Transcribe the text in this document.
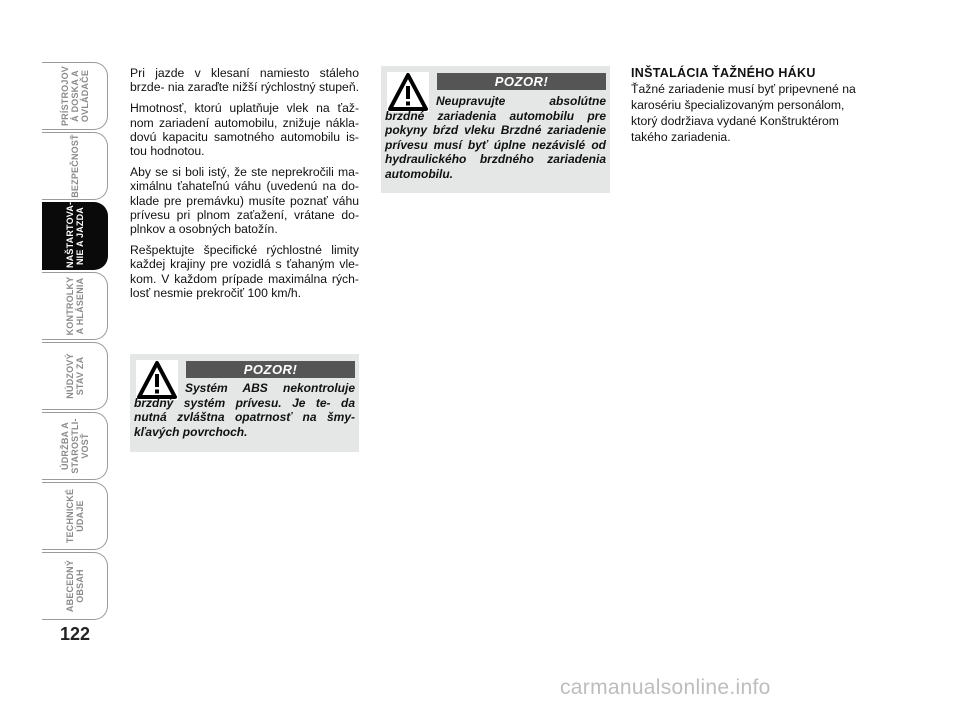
PRÍSTROJOV
Á DOSKA A
OVLÁDAČE
BEZPEČNOSŤ
NAŠTARTOVA-
NIE A JAZDA
KONTROLKY
A HLÁSENIA
NÚDZOVÝ
STAV ZA
ÚDRŽBA A
STAROSTLI-
VOSŤ
TECHNICKÉ
ÚDAJE
ABECEDNÝ
OBSAH
122

Pri jazde v klesaní namiesto stáleho brzde- nia zaraďte nižší rýchlostný stupeň.

Hmotnosť, ktorú uplatňuje vlek na ťaž- nom zariadení automobilu, znižuje nákla- dovú kapacitu samotného automobilu is- tou hodnotou.

Aby se si boli istý, že ste neprekročili ma- ximálnu ťahateľnú váhu (uvedenú na do- klade pre premávku) musíte poznať váhu prívesu pri plnom zaťažení, vrátane do- plnkov a osobných batožín.

Rešpektujte špecifické rýchlostné limity každej krajiny pre vozidlá s ťahaným vle- kom. V každom prípade maximálna rých- losť nesmie prekročiť 100 km/h.

POZOR!
Systém ABS nekontroluje brzdný systém prívesu. Je te- da nutná zvláštna opatrnosť na šmy- kľavých povrchoch.
POZOR!
Neupravujte absolútne brzdné zariadenia automobilu pre pokyny bŕzd vleku Brzdné zariadenie prívesu musí byť úplne nezávislé od hydraulického brzdného zariadenia automobilu.
INŠTALÁCIA ŤAŽNÉHO HÁKU

Ťažné zariadenie musí byť pripevnené na karosériu špecializovaným personálom, ktorý dodržiava vydané Konštruktérom takého zariadenia.

carmanualsonline.info
